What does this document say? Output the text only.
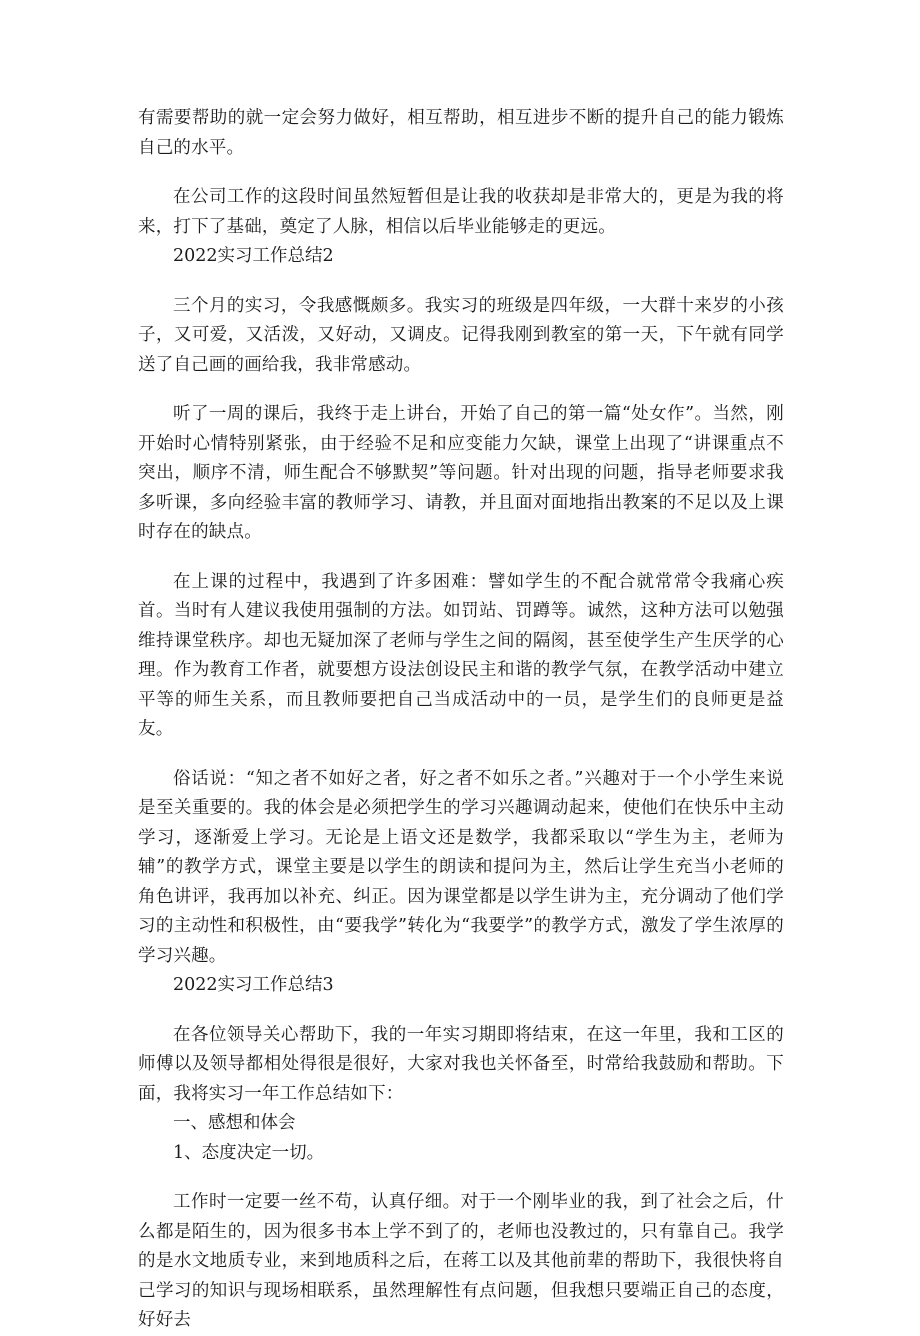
有需要帮助的就一定会努力做好，相互帮助，相互进步不断的提升自己的能力锻炼自己的水平。

在公司工作的这段时间虽然短暂但是让我的收获却是非常大的，更是为我的将来，打下了基础，奠定了人脉，相信以后毕业能够走的更远。

2022实习工作总结2

三个月的实习，令我感慨颇多。我实习的班级是四年级，一大群十来岁的小孩子，又可爱，又活泼，又好动，又调皮。记得我刚到教室的第一天，下午就有同学送了自己画的画给我，我非常感动。

听了一周的课后，我终于走上讲台，开始了自己的第一篇“处女作”。当然，刚开始时心情特别紧张，由于经验不足和应变能力欠缺，课堂上出现了“讲课重点不突出，顺序不清，师生配合不够默契”等问题。针对出现的问题，指导老师要求我多听课，多向经验丰富的教师学习、请教，并且面对面地指出教案的不足以及上课时存在的缺点。

在上课的过程中，我遇到了许多困难：譬如学生的不配合就常常令我痛心疾首。当时有人建议我使用强制的方法。如罚站、罚蹲等。诚然，这种方法可以勉强维持课堂秩序。却也无疑加深了老师与学生之间的隔阂，甚至使学生产生厌学的心理。作为教育工作者，就要想方设法创设民主和谐的教学气氛，在教学活动中建立平等的师生关系，而且教师要把自己当成活动中的一员，是学生们的良师更是益友。

俗话说：“知之者不如好之者，好之者不如乐之者。”兴趣对于一个小学生来说是至关重要的。我的体会是必须把学生的学习兴趣调动起来，使他们在快乐中主动学习，逐渐爱上学习。无论是上语文还是数学，我都采取以“学生为主，老师为辅”的教学方式，课堂主要是以学生的朗读和提问为主，然后让学生充当小老师的角色讲评，我再加以补充、纠正。因为课堂都是以学生讲为主，充分调动了他们学习的主动性和积极性，由“要我学”转化为“我要学”的教学方式，激发了学生浓厚的学习兴趣。

2022实习工作总结3

在各位领导关心帮助下，我的一年实习期即将结束，在这一年里，我和工区的师傅以及领导都相处得很是很好，大家对我也关怀备至，时常给我鼓励和帮助。下面，我将实习一年工作总结如下：

一、感想和体会

1、态度决定一切。

工作时一定要一丝不苟，认真仔细。对于一个刚毕业的我，到了社会之后，什么都是陌生的，因为很多书本上学不到了的，老师也没教过的，只有靠自己。我学的是水文地质专业，来到地质科之后，在蒋工以及其他前辈的帮助下，我很快将自己学习的知识与现场相联系，虽然理解性有点问题，但我想只要端正自己的态度，好好去
